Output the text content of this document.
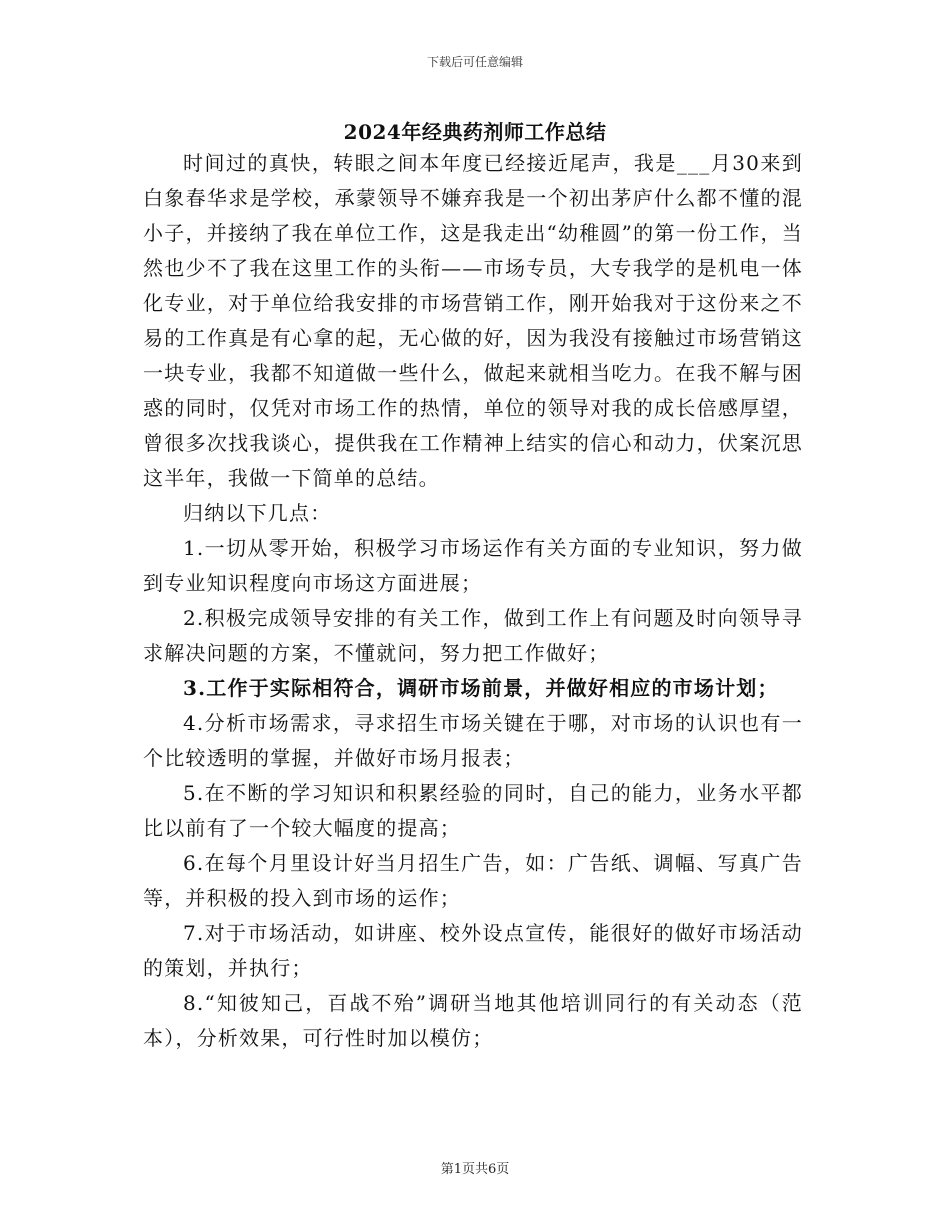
下载后可任意编辑
2024年经典药剂师工作总结

时间过的真快，转眼之间本年度已经接近尾声，我是___月30来到白象春华求是学校，承蒙领导不嫌弃我是一个初出茅庐什么都不懂的混小子，并接纳了我在单位工作，这是我走出“幼稚圆”的第一份工作，当然也少不了我在这里工作的头衔——市场专员，大专我学的是机电一体化专业，对于单位给我安排的市场营销工作，刚开始我对于这份来之不易的工作真是有心拿的起，无心做的好，因为我没有接触过市场营销这一块专业，我都不知道做一些什么，做起来就相当吃力。在我不解与困惑的同时，仅凭对市场工作的热情，单位的领导对我的成长倍感厚望，曾很多次找我谈心，提供我在工作精神上结实的信心和动力，伏案沉思这半年，我做一下简单的总结。

归纳以下几点：

1.一切从零开始，积极学习市场运作有关方面的专业知识，努力做到专业知识程度向市场这方面进展；

2.积极完成领导安排的有关工作，做到工作上有问题及时向领导寻求解决问题的方案，不懂就问，努力把工作做好；

3.工作于实际相符合，调研市场前景，并做好相应的市场计划；

4.分析市场需求，寻求招生市场关键在于哪，对市场的认识也有一个比较透明的掌握，并做好市场月报表；

5.在不断的学习知识和积累经验的同时，自己的能力，业务水平都比以前有了一个较大幅度的提高；

6.在每个月里设计好当月招生广告，如：广告纸、调幅、写真广告等，并积极的投入到市场的运作；

7.对于市场活动，如讲座、校外设点宣传，能很好的做好市场活动的策划，并执行；

8.“知彼知己，百战不殆”调研当地其他培训同行的有关动态（范本），分析效果，可行性时加以模仿；

第1页共6页
